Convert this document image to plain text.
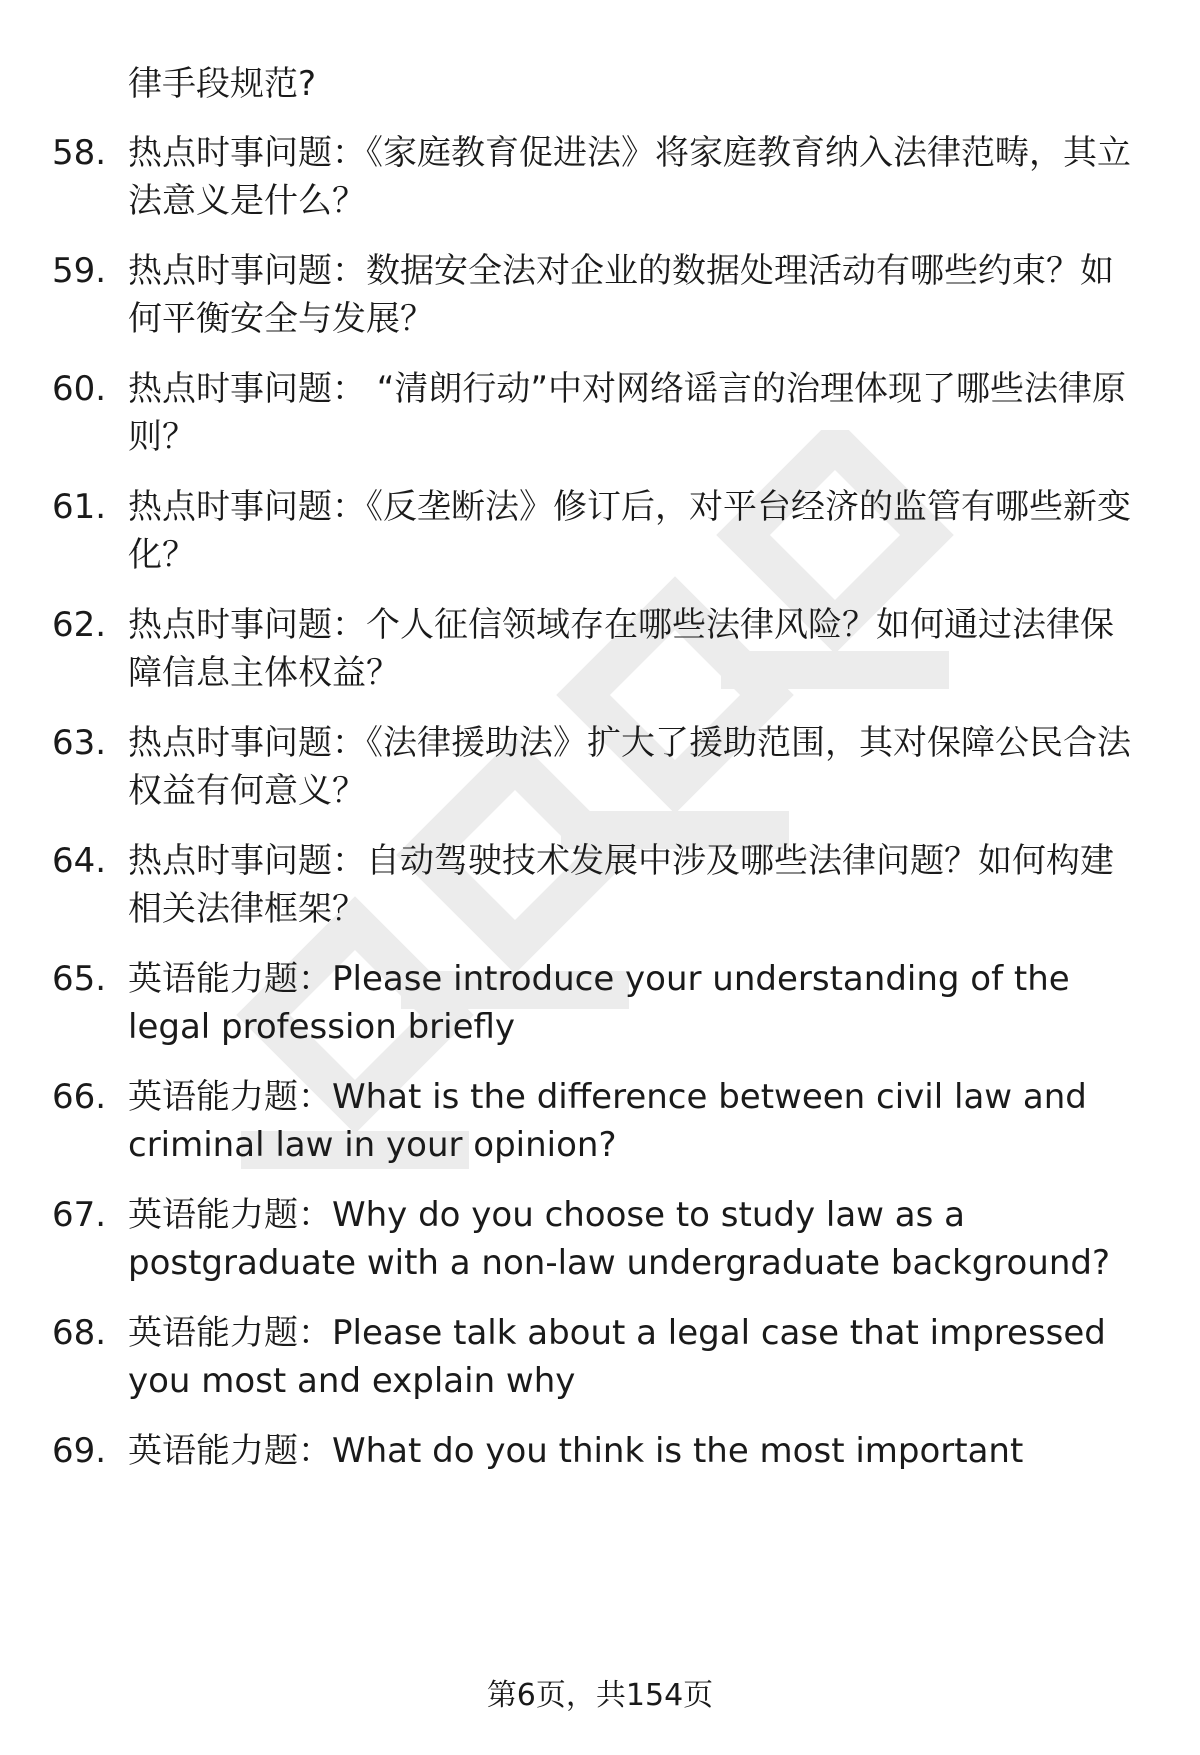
律手段规范?
58. 热点时事问题：《家庭教育促进法》将家庭教育纳入法律范畴，其立法意义是什么？
59. 热点时事问题：数据安全法对企业的数据处理活动有哪些约束？如何平衡安全与发展？
60. 热点时事问题： “清朗行动”中对网络谣言的治理体现了哪些法律原则？
61. 热点时事问题：《反垄断法》修订后，对平台经济的监管有哪些新变化？
62. 热点时事问题：个人征信领域存在哪些法律风险？如何通过法律保障信息主体权益？
63. 热点时事问题：《法律援助法》扩大了援助范围，其对保障公民合法权益有何意义？
64. 热点时事问题：自动驾驶技术发展中涉及哪些法律问题？如何构建相关法律框架？
65. 英语能力题：Please introduce your understanding of the legal profession briefly
66. 英语能力题：What is the difference between civil law and criminal law in your opinion?
67. 英语能力题：Why do you choose to study law as a postgraduate with a non-law undergraduate background?
68. 英语能力题：Please talk about a legal case that impressed you most and explain why
69. 英语能力题：What do you think is the most important
第6页，共154页
